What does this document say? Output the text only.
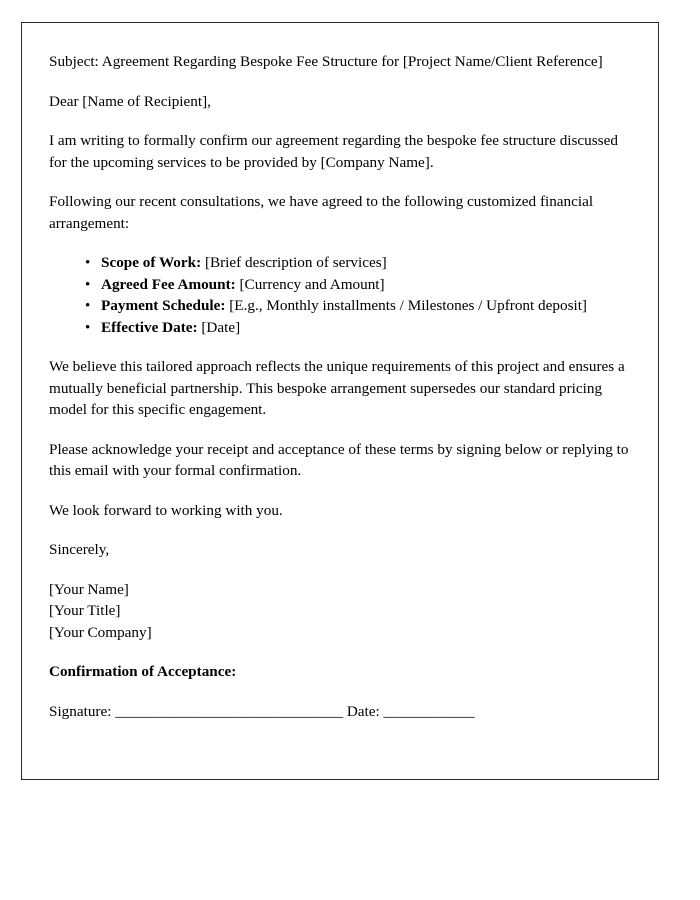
Subject: Agreement Regarding Bespoke Fee Structure for [Project Name/Client Reference]

Dear [Name of Recipient],

I am writing to formally confirm our agreement regarding the bespoke fee structure discussed for the upcoming services to be provided by [Company Name].

Following our recent consultations, we have agreed to the following customized financial arrangement:

• Scope of Work: [Brief description of services]
• Agreed Fee Amount: [Currency and Amount]
• Payment Schedule: [E.g., Monthly installments / Milestones / Upfront deposit]
• Effective Date: [Date]

We believe this tailored approach reflects the unique requirements of this project and ensures a mutually beneficial partnership. This bespoke arrangement supersedes our standard pricing model for this specific engagement.

Please acknowledge your receipt and acceptance of these terms by signing below or replying to this email with your formal confirmation.

We look forward to working with you.

Sincerely,

[Your Name]

[Your Title]

[Your Company]

Confirmation of Acceptance:

Signature: ______________________________ Date: ____________
